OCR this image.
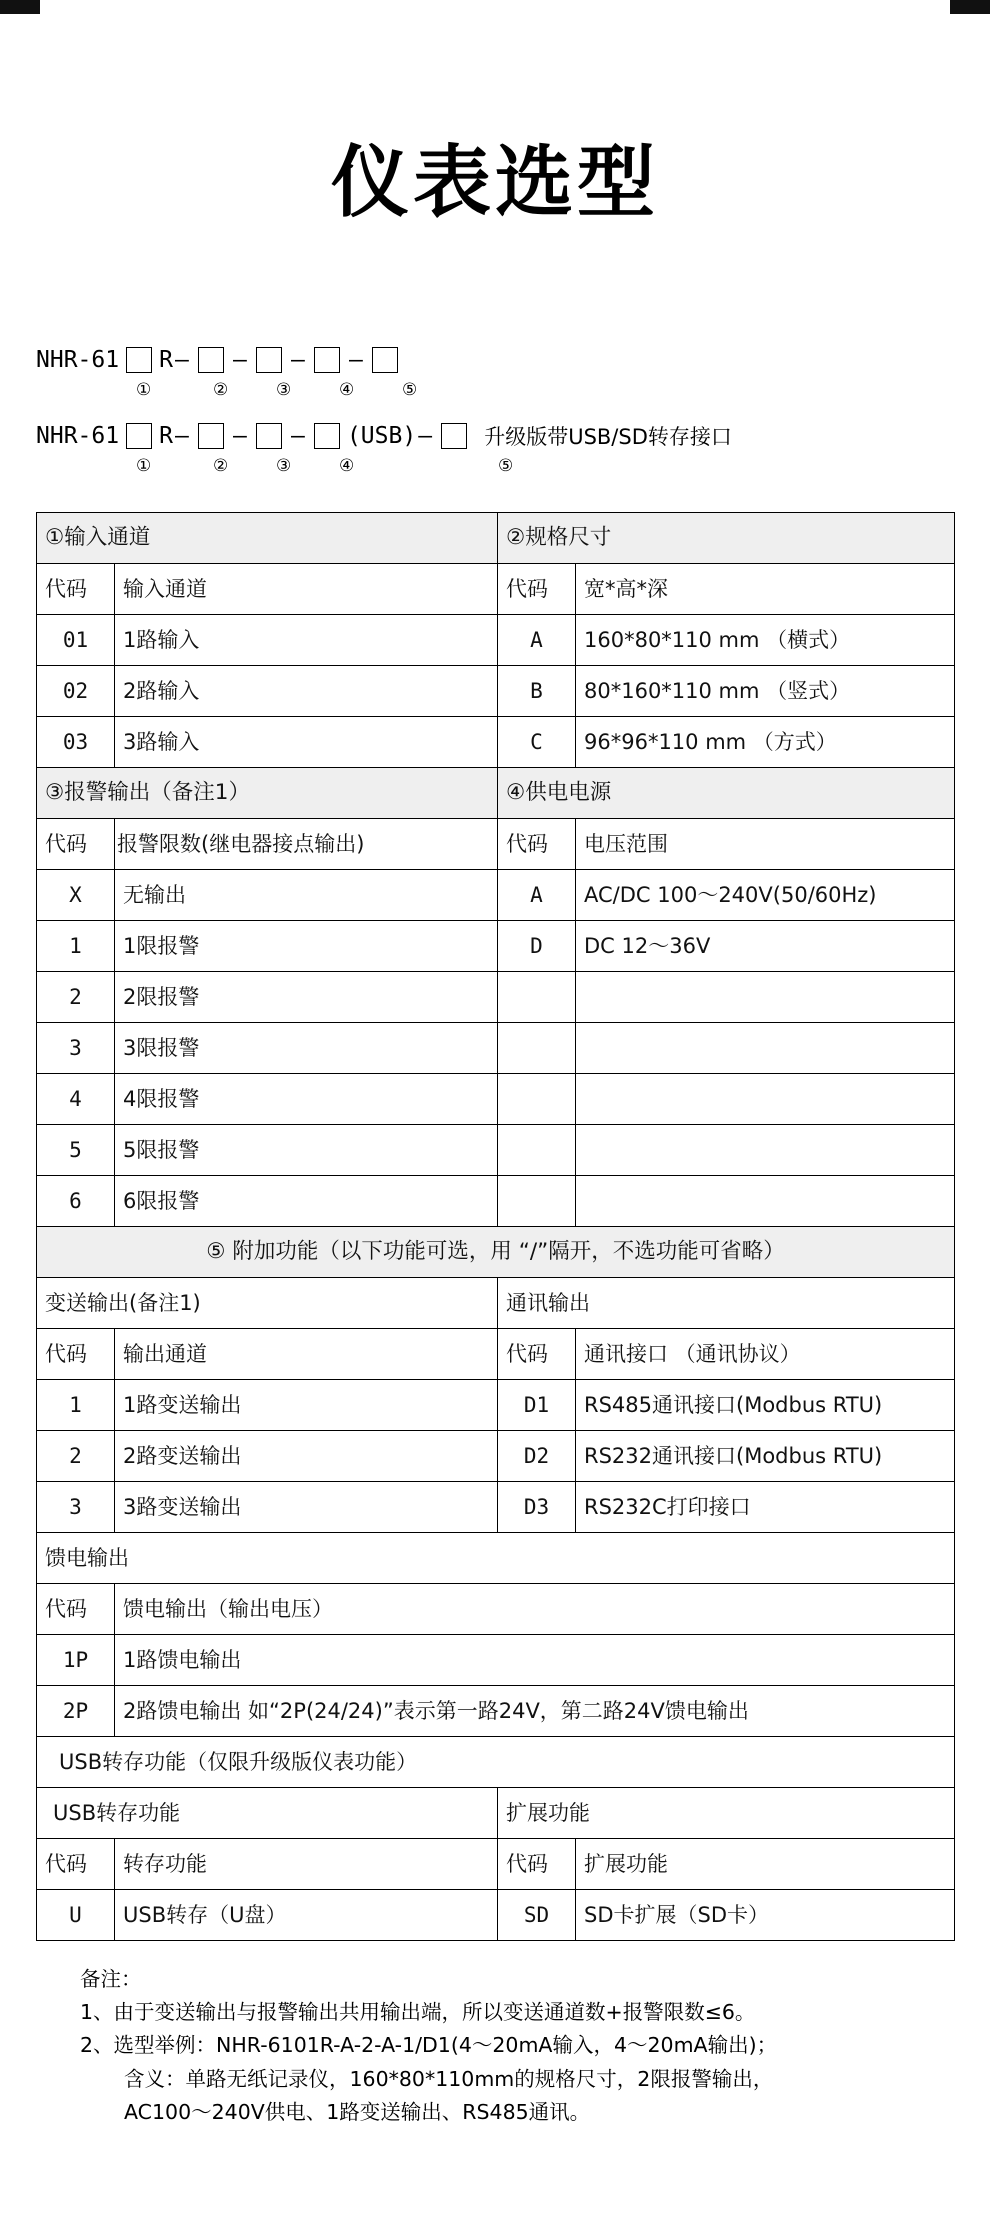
仪表选型
NHR-61 R – – – –
①	②	③	④	⑤
NHR-61 R – – – (USB) – 升级版带USB/SD转存接口
①	②	③	④	⑤
①输入通道		②规格尺寸	
代码	输入通道	代码	宽*高*深
01	1路输入	A	160*80*110 mm （横式）
02	2路输入	B	80*160*110 mm （竖式）
03	3路输入	C	96*96*110 mm （方式）
③报警输出（备注1）		④供电电源	
代码	报警限数(继电器接点输出)	代码	电压范围
X	无输出	A	AC/DC 100～240V(50/60Hz)
1	1限报警	D	DC 12～36V
2	2限报警		
3	3限报警		
4	4限报警		
5	5限报警		
6	6限报警		
⑤ 附加功能（以下功能可选，用 “/”隔开，不选功能可省略）			
变送输出(备注1)		通讯输出	
代码	输出通道	代码	通讯接口 （通讯协议）
1	1路变送输出	D1	RS485通讯接口(Modbus RTU)
2	2路变送输出	D2	RS232通讯接口(Modbus RTU)
3	3路变送输出	D3	RS232C打印接口
馈电输出			
代码	馈电输出（输出电压）		
1P	1路馈电输出		
2P	2路馈电输出 如“2P(24/24)”表示第一路24V，第二路24V馈电输出		
USB转存功能（仅限升级版仪表功能）			
USB转存功能		扩展功能	
代码	转存功能	代码	扩展功能
U	USB转存（U盘）	SD	SD卡扩展（SD卡）
备注：
1、由于变送输出与报警输出共用输出端，所以变送通道数+报警限数≤6。
2、选型举例：NHR-6101R-A-2-A-1/D1(4～20mA输入，4～20mA输出)；
含义：单路无纸记录仪，160*80*110mm的规格尺寸，2限报警输出，
AC100～240V供电、1路变送输出、RS485通讯。
